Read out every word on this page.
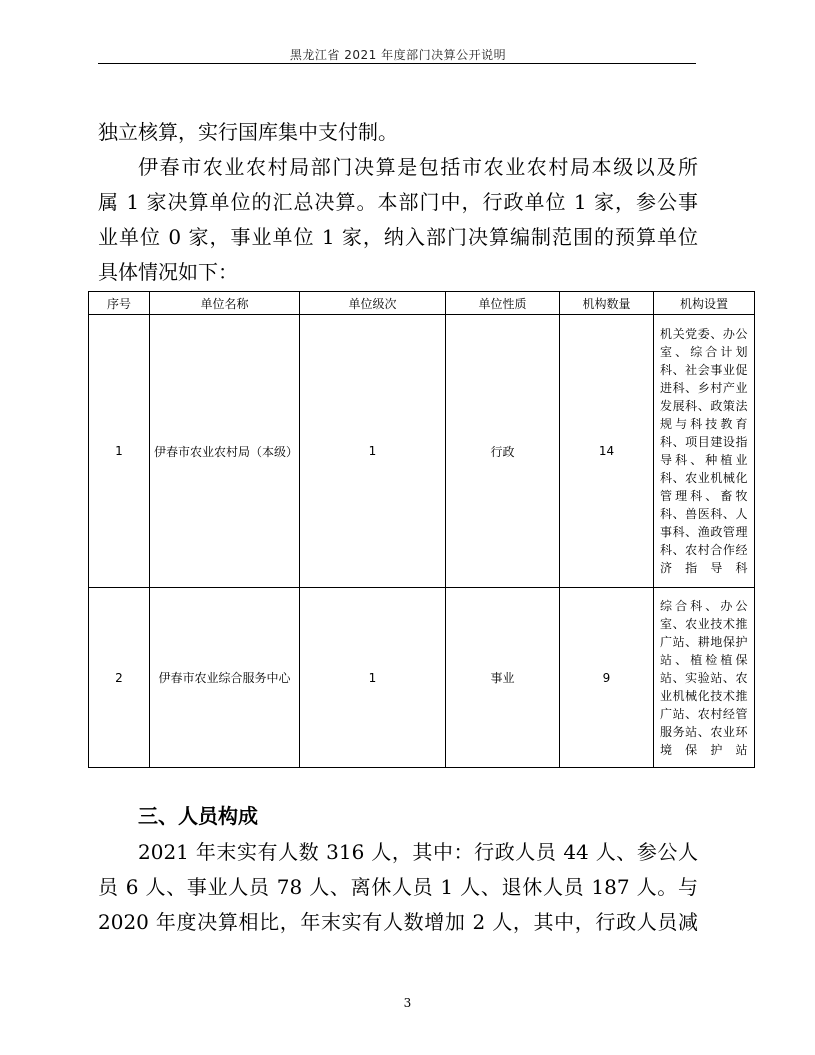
黑龙江省 2021 年度部门决算公开说明

独立核算，实行国库集中支付制。

伊春市农业农村局部门决算是包括市农业农村局本级以及所

属 1 家决算单位的汇总决算。本部门中，行政单位 1 家，参公事

业单位 0 家，事业单位 1 家，纳入部门决算编制范围的预算单位

具体情况如下：

序号	单位名称	单位级次	单位性质	机构数量	机构设置
1	伊春市农业农村局（本级）	1	行政	14	机关党委、办公室、综合计划科、社会事业促进科、乡村产业发展科、政策法规与科技教育科、项目建设指导科、种植业科、农业机械化管理科、畜牧科、兽医科、人事科、渔政管理科、农村合作经济指导科

2	伊春市农业综合服务中心	1	事业	9	综合科、办公室、农业技术推广站、耕地保护站、植检植保站、实验站、农业机械化技术推广站、农村经管服务站、农业环境保护站
三、人员构成

2021 年末实有人数 316 人，其中：行政人员 44 人、参公人

员 6 人、事业人员 78 人、离休人员 1 人、退休人员 187 人。与

2020 年度决算相比，年末实有人数增加 2 人，其中，行政人员减

3
